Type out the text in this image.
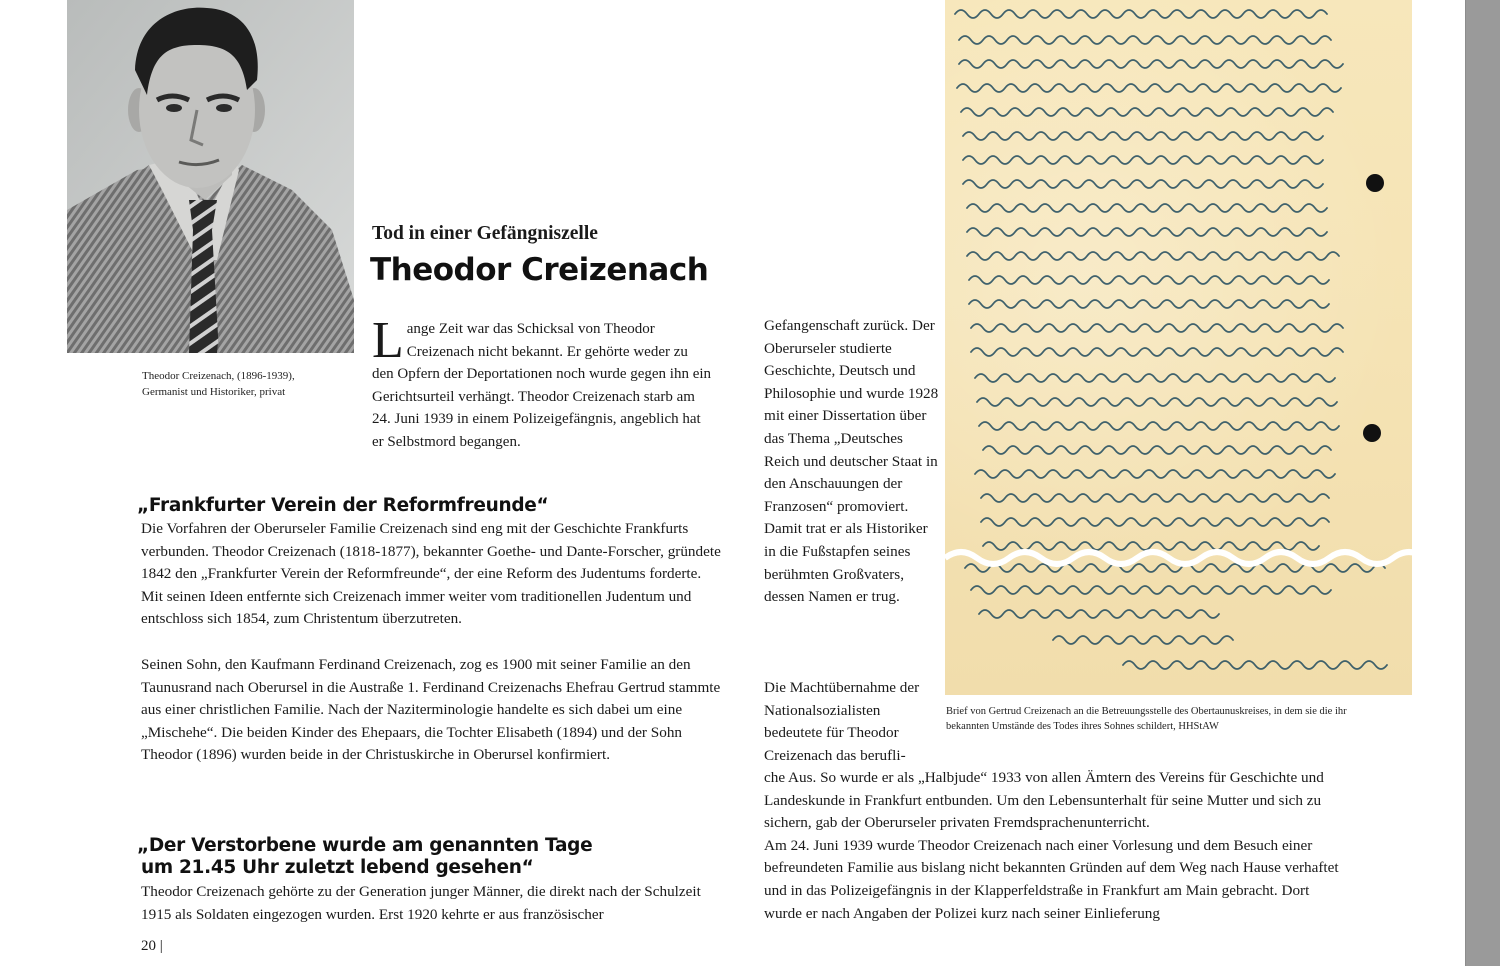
Theodor Creizenach, (1896-1939),
Germanist und Historiker, privat
Tod in einer Gefängniszelle
Theodor Creizenach
Lange Zeit war das Schicksal von Theodor Creizenach nicht bekannt. Er gehörte weder zu den Opfern der Deportationen noch wurde gegen ihn ein Gerichtsurteil verhängt. Theodor Creizenach starb am 24. Juni 1939 in einem Polizeigefängnis, angeblich hat er Selbstmord begangen.
„Frankfurter Verein der Reformfreunde“

Die Vorfahren der Oberurseler Familie Creizenach sind eng mit der Geschichte Frankfurts verbunden. Theodor Creizenach (1818-1877), bekannter Goethe- und Dante-Forscher, gründete 1842 den „Frankfurter Verein der Reformfreunde“, der eine Reform des Judentums forderte. Mit seinen Ideen entfernte sich Creizenach immer weiter vom traditionellen Judentum und entschloss sich 1854, zum Christentum überzutreten.

Seinen Sohn, den Kaufmann Ferdinand Creizenach, zog es 1900 mit seiner Familie an den Taunusrand nach Oberursel in die Austraße 1. Ferdinand Creizenachs Ehefrau Gertrud stammte aus einer christlichen Familie. Nach der Naziterminologie handelte es sich dabei um eine „Mischehe“. Die beiden Kinder des Ehepaars, die Tochter Elisabeth (1894) und der Sohn Theodor (1896) wurden beide in der Christuskirche in Oberursel konfirmiert.

„Der Verstorbene wurde am genannten Tage
um 21.45 Uhr zuletzt lebend gesehen“

Theodor Creizenach gehörte zu der Generation junger Männer, die direkt nach der Schulzeit 1915 als Soldaten eingezogen wurden. Erst 1920 kehrte er aus französischer

Gefangenschaft zurück. Der Oberurseler studierte Geschichte, Deutsch und Philosophie und wurde 1928 mit einer Dissertation über das Thema „Deutsches Reich und deutscher Staat in den Anschauungen der Franzosen“ promoviert. Damit trat er als Historiker in die Fußstapfen seines berühmten Großvaters, dessen Namen er trug.

Die Machtübernahme der Nationalsozialisten bedeutete für Theodor Creizenach das berufli-

che Aus. So wurde er als „Halbjude“ 1933 von allen Ämtern des Vereins für Geschichte und Landeskunde in Frankfurt entbunden. Um den Lebensunterhalt für seine Mutter und sich zu sichern, gab der Oberurseler privaten Fremdsprachenunterricht.
Am 24. Juni 1939 wurde Theodor Creizenach nach einer Vorlesung und dem Besuch einer befreundeten Familie aus bislang nicht bekannten Gründen auf dem Weg nach Hause verhaftet und in das Polizeigefängnis in der Klapperfeldstraße in Frankfurt am Main gebracht. Dort wurde er nach Angaben der Polizei kurz nach seiner Einlieferung
Brief von Gertrud Creizenach an die Betreuungsstelle des Obertaunuskreises, in dem sie die ihr bekannten Umstände des Todes ihres Sohnes schildert, HHStAW
20 |
